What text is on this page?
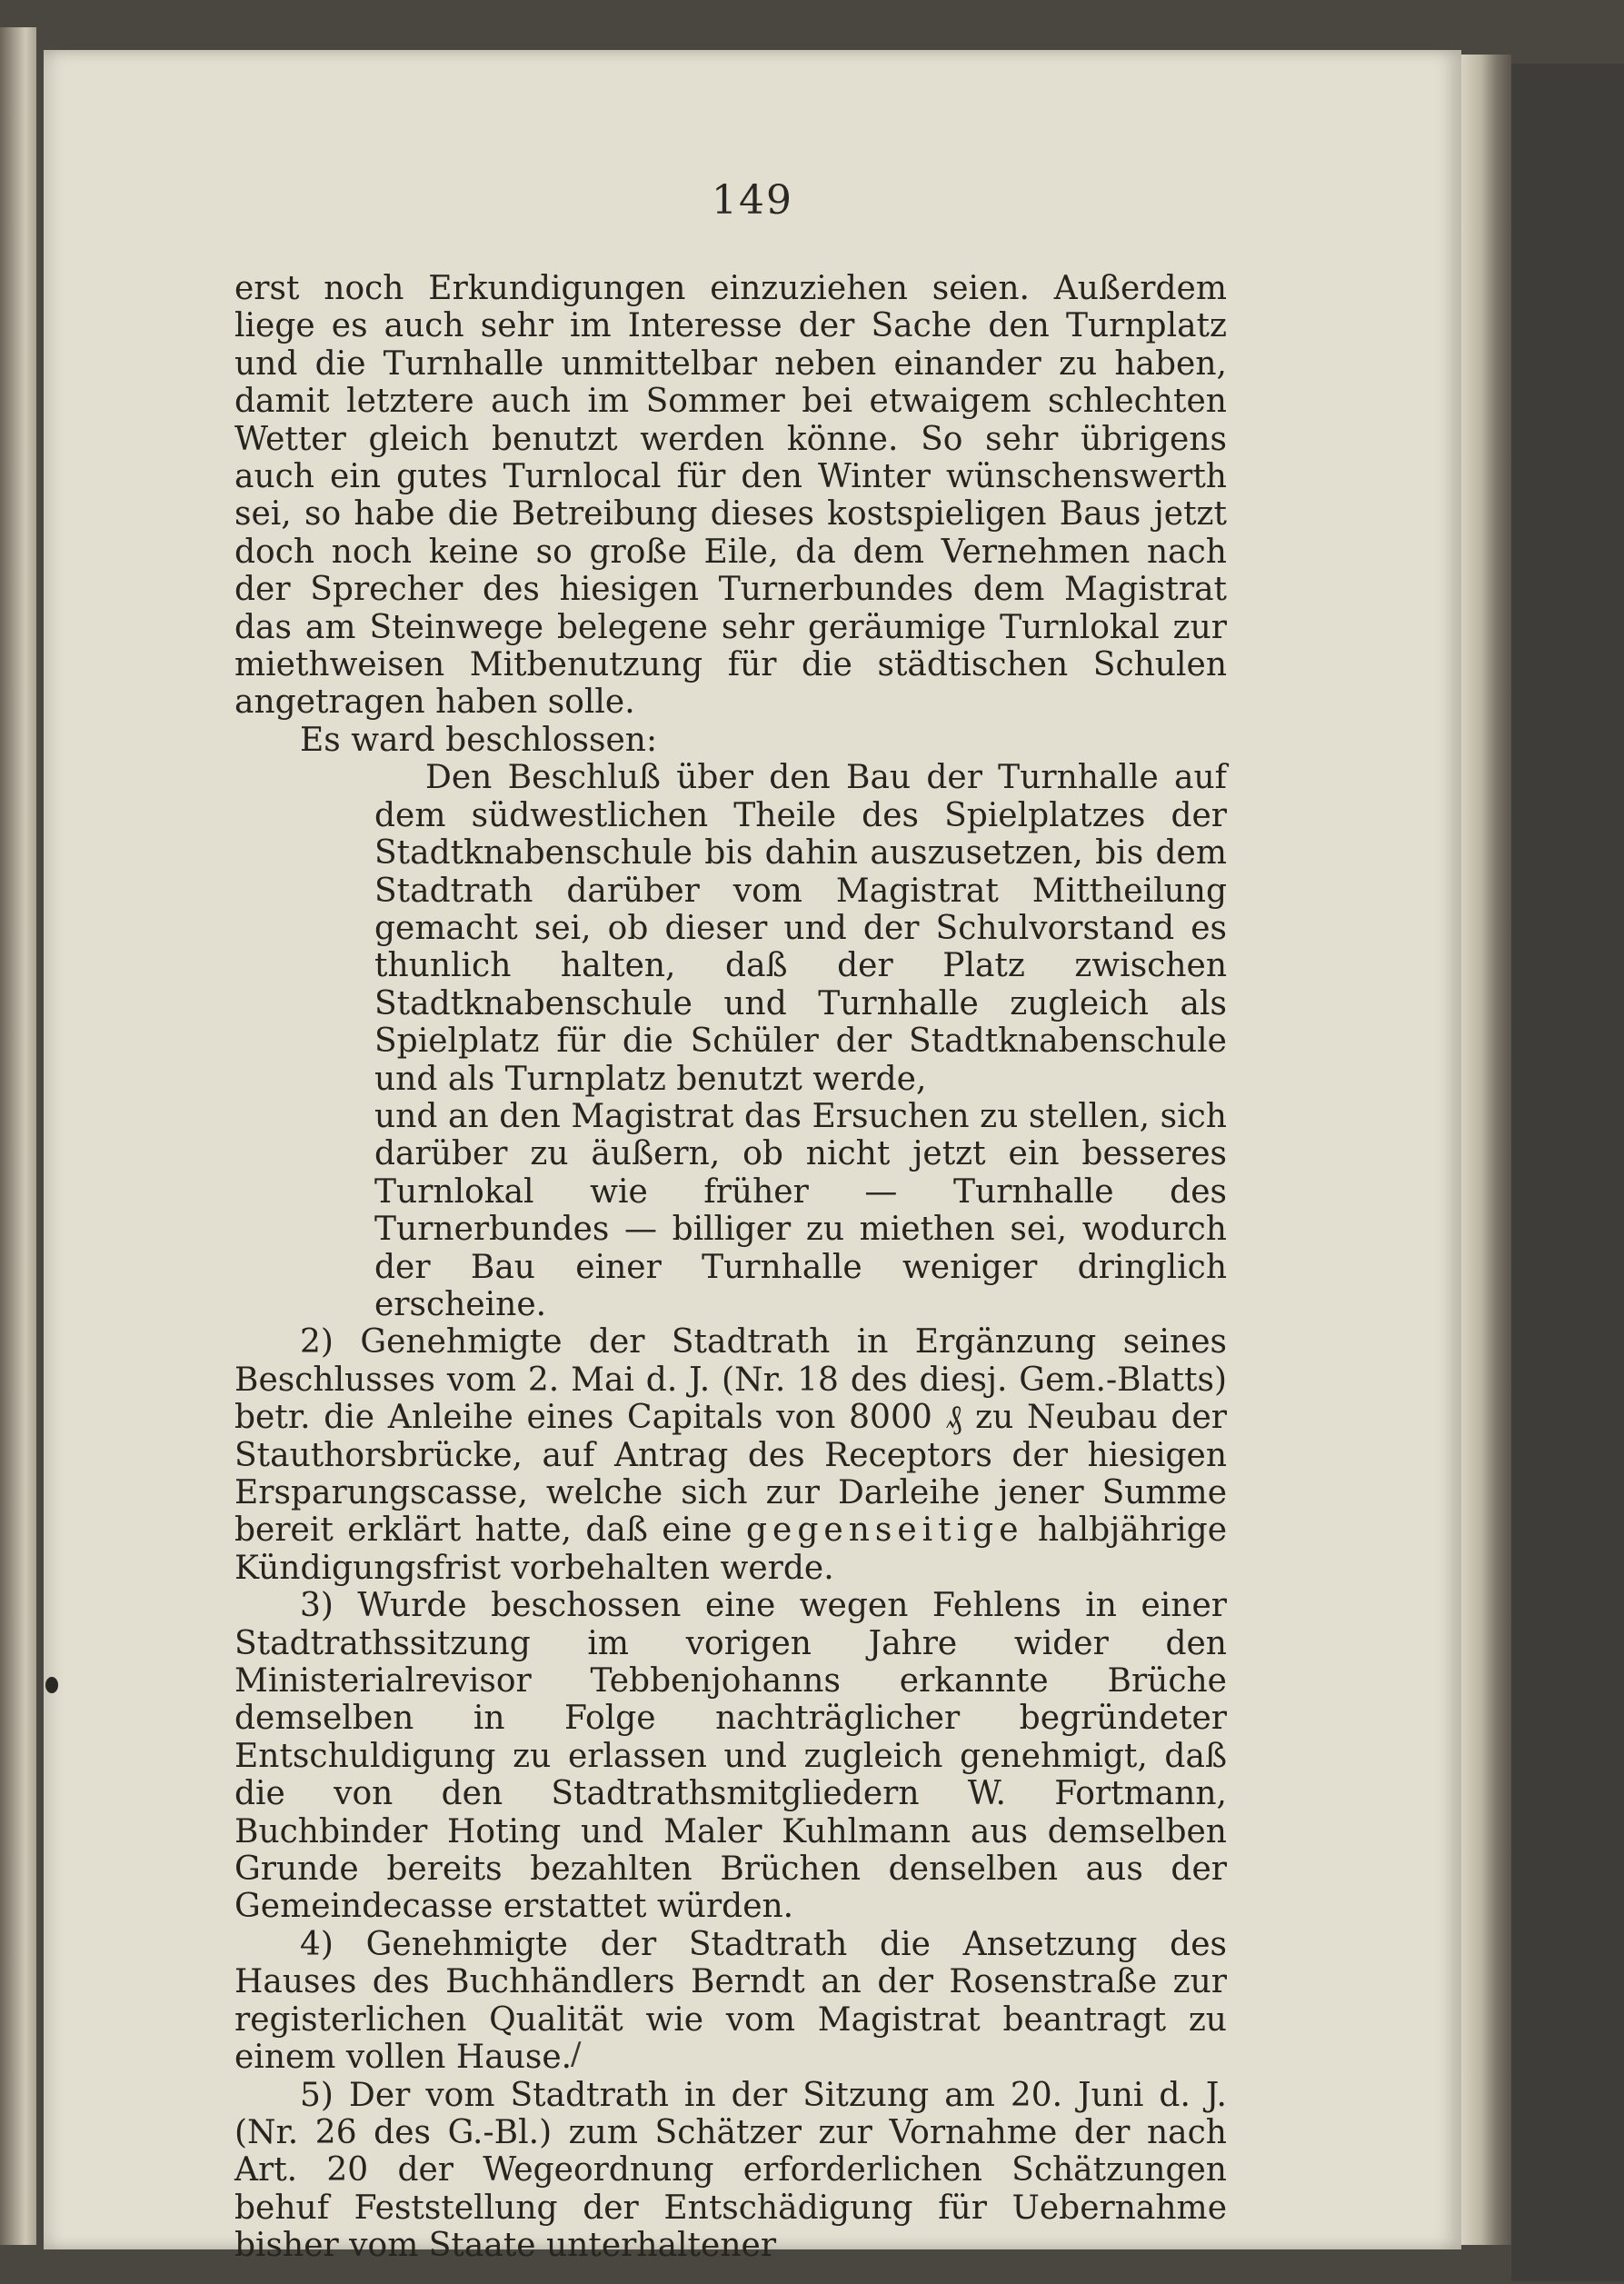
149

erst noch Erkundigungen einzuziehen seien. Außerdem liege es auch sehr im Interesse der Sache den Turnplatz und die Turnhalle unmittelbar neben einander zu haben, damit letztere auch im Sommer bei etwaigem schlechten Wetter gleich benutzt werden könne. So sehr übrigens auch ein gutes Turnlocal für den Winter wünschenswerth sei, so habe die Betreibung dieses kostspieligen Baus jetzt doch noch keine so große Eile, da dem Vernehmen nach der Sprecher des hiesigen Turnerbundes dem Magistrat das am Steinwege belegene sehr geräumige Turnlokal zur miethweisen Mitbenutzung für die städtischen Schulen angetragen haben solle.

Es ward beschlossen:

Den Beschluß über den Bau der Turnhalle auf dem südwestlichen Theile des Spielplatzes der Stadtknabenschule bis dahin auszusetzen, bis dem Stadtrath darüber vom Magistrat Mittheilung gemacht sei, ob dieser und der Schulvorstand es thunlich halten, daß der Platz zwischen Stadtknabenschule und Turnhalle zugleich als Spielplatz für die Schüler der Stadtknabenschule und als Turnplatz benutzt werde,

und an den Magistrat das Ersuchen zu stellen, sich darüber zu äußern, ob nicht jetzt ein besseres Turnlokal wie früher — Turnhalle des Turnerbundes — billiger zu miethen sei, wodurch der Bau einer Turnhalle weniger dringlich erscheine.

2) Genehmigte der Stadtrath in Ergänzung seines Beschlusses vom 2. Mai d. J. (Nr. 18 des diesj. Gem.-Blatts) betr. die Anleihe eines Capitals von 8000 ₰ zu Neubau der Stauthorsbrücke, auf Antrag des Receptors der hiesigen Ersparungscasse, welche sich zur Darleihe jener Summe bereit erklärt hatte, daß eine gegenseitige halbjährige Kündigungsfrist vorbehalten werde.

3) Wurde beschossen eine wegen Fehlens in einer Stadtrathssitzung im vorigen Jahre wider den Ministerialrevisor Tebbenjohanns erkannte Brüche demselben in Folge nachträglicher begründeter Entschuldigung zu erlassen und zugleich genehmigt, daß die von den Stadtrathsmitgliedern W. Fortmann, Buchbinder Hoting und Maler Kuhlmann aus demselben Grunde bereits bezahlten Brüchen denselben aus der Gemeindecasse erstattet würden.

4) Genehmigte der Stadtrath die Ansetzung des Hauses des Buchhändlers Berndt an der Rosenstraße zur registerlichen Qualität wie vom Magistrat beantragt zu einem vollen Hause.

5) Der vom Stadtrath in der Sitzung am 20. Juni d. J. (Nr. 26 des G.-Bl.) zum Schätzer zur Vornahme der nach Art. 20 der Wegeordnung erforderlichen Schätzungen behuf Feststellung der Entschädigung für Uebernahme bisher vom Staate unterhaltener

/
